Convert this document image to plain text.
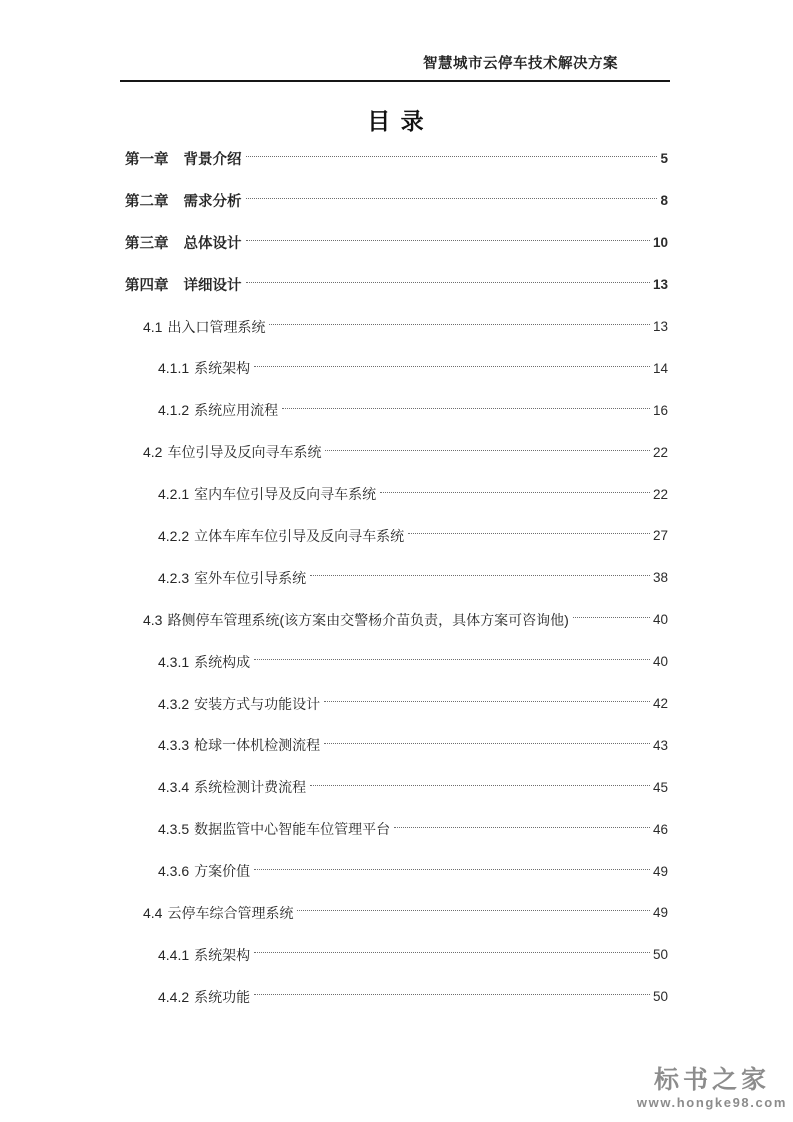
智慧城市云停车技术解决方案
目 录
第一章 背景介绍	5
第二章 需求分析	8
第三章 总体设计	10
第四章 详细设计	13
4.1 出入口管理系统	13
4.1.1 系统架构	14
4.1.2 系统应用流程	16
4.2 车位引导及反向寻车系统	22
4.2.1 室内车位引导及反向寻车系统	22
4.2.2 立体车库车位引导及反向寻车系统	27
4.2.3 室外车位引导系统	38
4.3 路侧停车管理系统(该方案由交警杨介苗负责，具体方案可咨询他)	40
4.3.1 系统构成	40
4.3.2 安装方式与功能设计	42
4.3.3 枪球一体机检测流程	43
4.3.4 系统检测计费流程	45
4.3.5 数据监管中心智能车位管理平台	46
4.3.6 方案价值	49
4.4 云停车综合管理系统	49
4.4.1 系统架构	50
4.4.2 系统功能	50
标书之家
www.hongke98.com
